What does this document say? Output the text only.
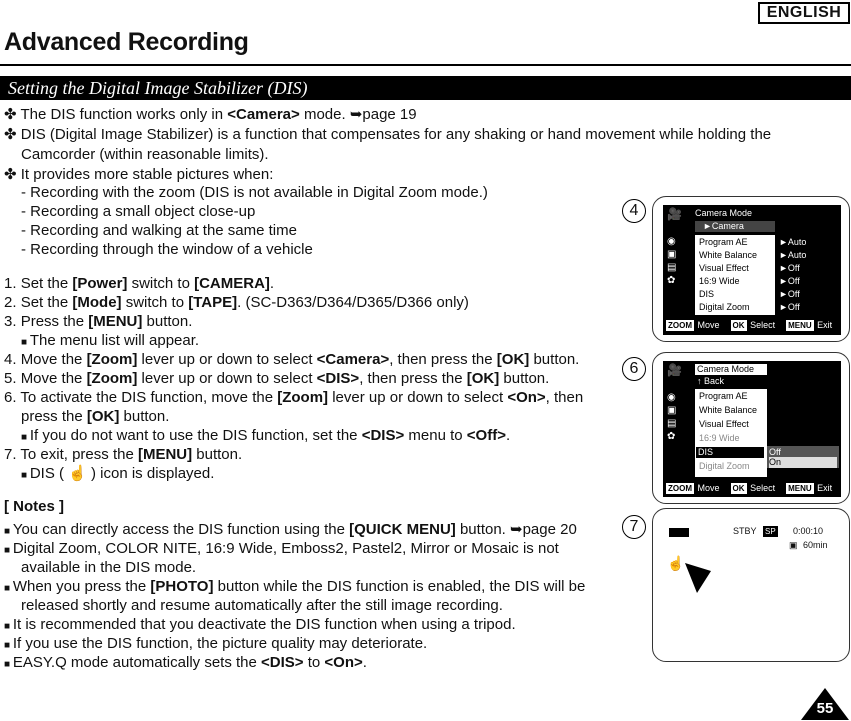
ENGLISH
Advanced Recording
Setting the Digital Image Stabilizer (DIS)
✤ The DIS function works only in <Camera> mode. ➥page 19
✤ DIS (Digital Image Stabilizer) is a function that compensates for any shaking or hand movement while holding the
Camcorder (within reasonable limits).
✤ It provides more stable pictures when:
- Recording with the zoom (DIS is not available in Digital Zoom mode.)
- Recording a small object close-up
- Recording and walking at the same time
- Recording through the window of a vehicle
1. Set the [Power] switch to [CAMERA].
2. Set the [Mode] switch to [TAPE]. (SC-D363/D364/D365/D366 only)
3. Press the [MENU] button.
■ The menu list will appear.
4. Move the [Zoom] lever up or down to select <Camera>, then press the [OK] button.
5. Move the [Zoom] lever up or down to select <DIS>, then press the [OK] button.
6. To activate the DIS function, move the [Zoom] lever up or down to select <On>, then
press the [OK] button.
■ If you do not want to use the DIS function, set the <DIS> menu to <Off>.
7. To exit, press the [MENU] button.
■ DIS ( ☝ ) icon is displayed.
[ Notes ]
■ You can directly access the DIS function using the [QUICK MENU] button. ➥page 20
■ Digital Zoom, COLOR NITE, 16:9 Wide, Emboss2, Pastel2, Mirror or Mosaic is not
available in the DIS mode.
■ When you press the [PHOTO] button while the DIS function is enabled, the DIS will be
released shortly and resume automatically after the still image recording.
■ It is recommended that you deactivate the DIS function when using a tripod.
■ If you use the DIS function, the picture quality may deteriorate.
■ EASY.Q mode automatically sets the <DIS> to <On>.
4	🎥	Camera Mode
►Camera
Program AE	►Auto
White Balance ►Auto
Visual Effect	►Off
16:9 Wide	►Off
DIS	►Off
Digital Zoom	►Off
◉
▣
▤
✿
ZOOM Move OK Select MENU Exit
6	🎥 Camera Mode
↑ Back
Program AE
White Balance
Visual Effect
16:9 Wide
DIS
Digital Zoom
◉
▣
▤
✿
Off
On
ZOOM Move OK Select MENU Exit
7	STBY SP 0:00:10
▣ 60min
☝
55
